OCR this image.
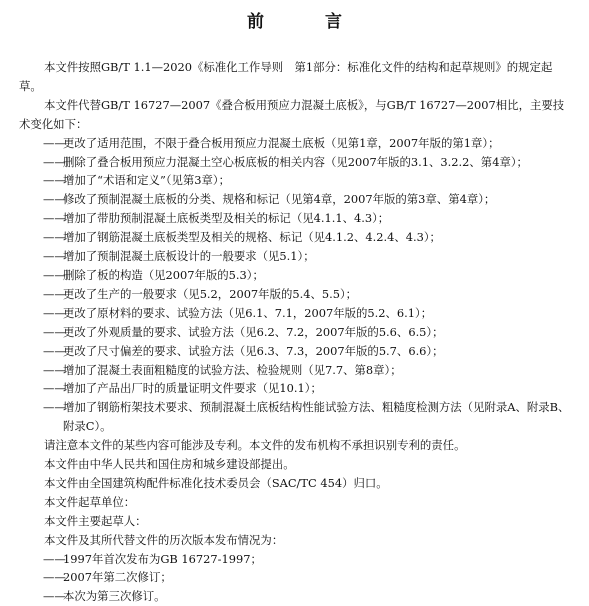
前　言

本文件按照GB/T 1.1—2020《标准化工作导则　第1部分：标准化文件的结构和起草规则》的规定起草。

本文件代替GB/T 16727—2007《叠合板用预应力混凝土底板》，与GB/T 16727—2007相比，主要技术变化如下：

——更改了适用范围，不限于叠合板用预应力混凝土底板（见第1章，2007年版的第1章）；

——删除了叠合板用预应力混凝土空心板底板的相关内容（见2007年版的3.1、3.2.2、第4章）；

——增加了“术语和定义”（见第3章）；

——修改了预制混凝土底板的分类、规格和标记（见第4章，2007年版的第3章、第4章）；

——增加了带肋预制混凝土底板类型及相关的标记（见4.1.1、4.3）；

——增加了钢筋混凝土底板类型及相关的规格、标记（见4.1.2、4.2.4、4.3）；

——增加了预制混凝土底板设计的一般要求（见5.1）；

——删除了板的构造（见2007年版的5.3）；

——更改了生产的一般要求（见5.2，2007年版的5.4、5.5）；

——更改了原材料的要求、试验方法（见6.1、7.1，2007年版的5.2、6.1）；

——更改了外观质量的要求、试验方法（见6.2、7.2，2007年版的5.6、6.5）；

——更改了尺寸偏差的要求、试验方法（见6.3、7.3，2007年版的5.7、6.6）；

——增加了混凝土表面粗糙度的试验方法、检验规则（见7.7、第8章）；

——增加了产品出厂时的质量证明文件要求（见10.1）；

——增加了钢筋桁架技术要求、预制混凝土底板结构性能试验方法、粗糙度检测方法（见附录A、附录B、附录C）。

请注意本文件的某些内容可能涉及专利。本文件的发布机构不承担识别专利的责任。

本文件由中华人民共和国住房和城乡建设部提出。

本文件由全国建筑构配件标准化技术委员会（SAC/TC 454）归口。

本文件起草单位：

本文件主要起草人：

本文件及其所代替文件的历次版本发布情况为：

——1997年首次发布为GB 16727-1997；

——2007年第二次修订；

——本次为第三次修订。
